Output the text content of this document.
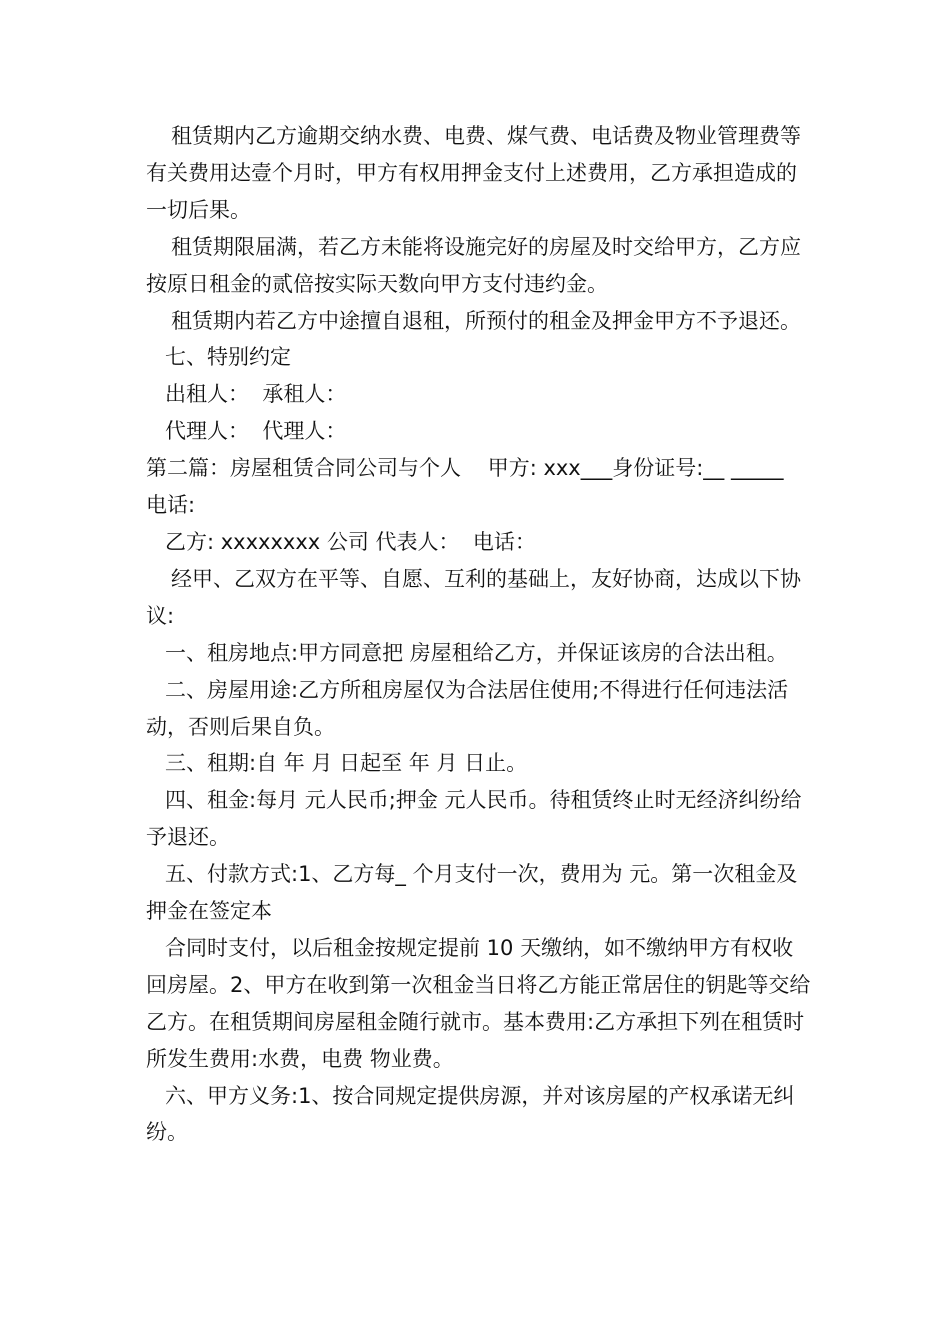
租赁期内乙方逾期交纳水费、电费、煤气费、电话费及物业管理费等有关费用达壹个月时，甲方有权用押金支付上述费用，乙方承担造成的一切后果。

租赁期限届满，若乙方未能将设施完好的房屋及时交给甲方，乙方应按原日租金的贰倍按实际天数向甲方支付违约金。

租赁期内若乙方中途擅自退租，所预付的租金及押金甲方不予退还。

七、特别约定

出租人：  承租人：

代理人：  代理人：

第二篇：房屋租赁合同公司与个人    甲方: xxx___身份证号:__ _____ 电话:

乙方: xxxxxxxx 公司 代表人：  电话：

经甲、乙双方在平等、自愿、互利的基础上，友好协商，达成以下协议:

一、租房地点:甲方同意把 房屋租给乙方，并保证该房的合法出租。

二、房屋用途:乙方所租房屋仅为合法居住使用;不得进行任何违法活动，否则后果自负。

三、租期:自 年 月 日起至 年 月 日止。

四、租金:每月 元人民币;押金 元人民币。待租赁终止时无经济纠纷给予退还。

五、付款方式:1、乙方每_ 个月支付一次，费用为 元。第一次租金及押金在签定本

合同时支付，以后租金按规定提前 10 天缴纳，如不缴纳甲方有权收回房屋。2、甲方在收到第一次租金当日将乙方能正常居住的钥匙等交给乙方。在租赁期间房屋租金随行就市。基本费用:乙方承担下列在租赁时所发生费用:水费，电费 物业费。

六、甲方义务:1、按合同规定提供房源，并对该房屋的产权承诺无纠纷。
